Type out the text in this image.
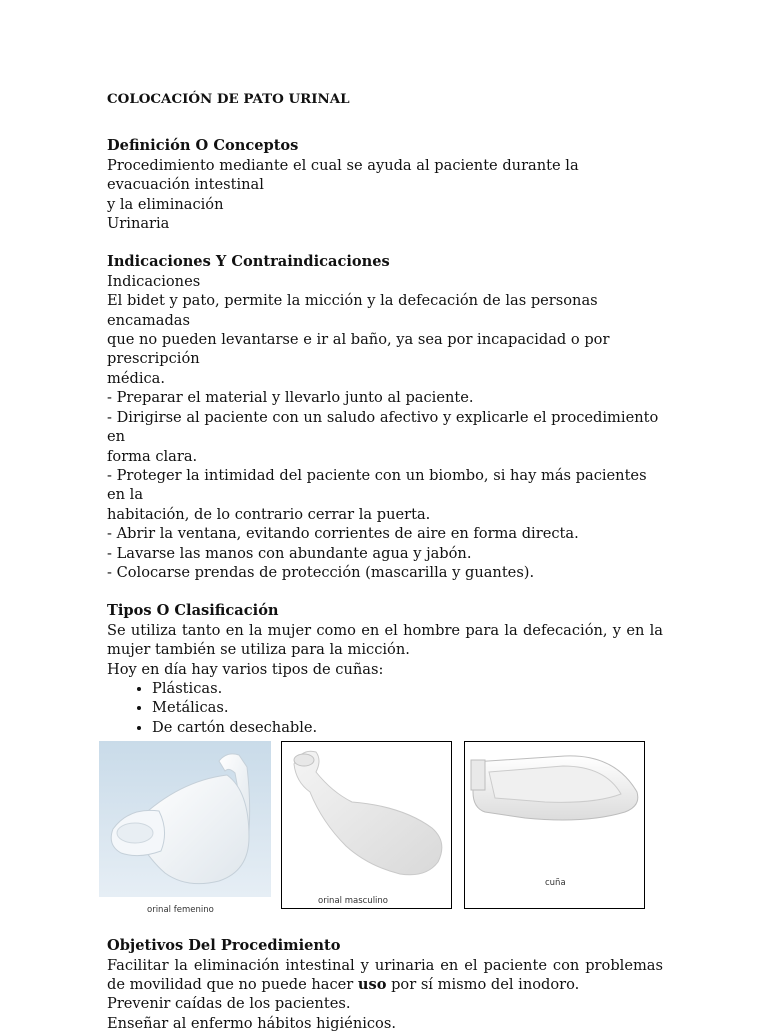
COLOCACIÓN DE PATO URINAL

Definición O Conceptos

Procedimiento mediante el cual se ayuda al paciente durante la evacuación intestinal

y la eliminación

Urinaria

Indicaciones Y Contraindicaciones

Indicaciones

El bidet y pato, permite la micción y la defecación de las personas encamadas

que no pueden levantarse e ir al baño, ya sea por incapacidad o por prescripción

médica.

- Preparar el material y llevarlo junto al paciente.

- Dirigirse al paciente con un saludo afectivo y explicarle el procedimiento en

forma clara.

- Proteger la intimidad del paciente con un biombo, si hay más pacientes en la

habitación, de lo contrario cerrar la puerta.

- Abrir la ventana, evitando corrientes de aire en forma directa.

- Lavarse las manos con abundante agua y jabón.

- Colocarse prendas de protección (mascarilla y guantes).

Tipos O Clasificación

Se utiliza tanto en la mujer como en el hombre para la defecación, y en la mujer también se utiliza para la micción.

Hoy en día hay varios tipos de cuñas:

• Plásticas.
• Metálicas.
• De cartón desechable.
orinal femenino
orinal masculino
cuña

Objetivos Del Procedimiento

Facilitar la eliminación intestinal y urinaria en el paciente con problemas de movilidad que no puede hacer uso por sí mismo del inodoro.

Prevenir caídas de los pacientes.

Enseñar al enfermo hábitos higiénicos.
